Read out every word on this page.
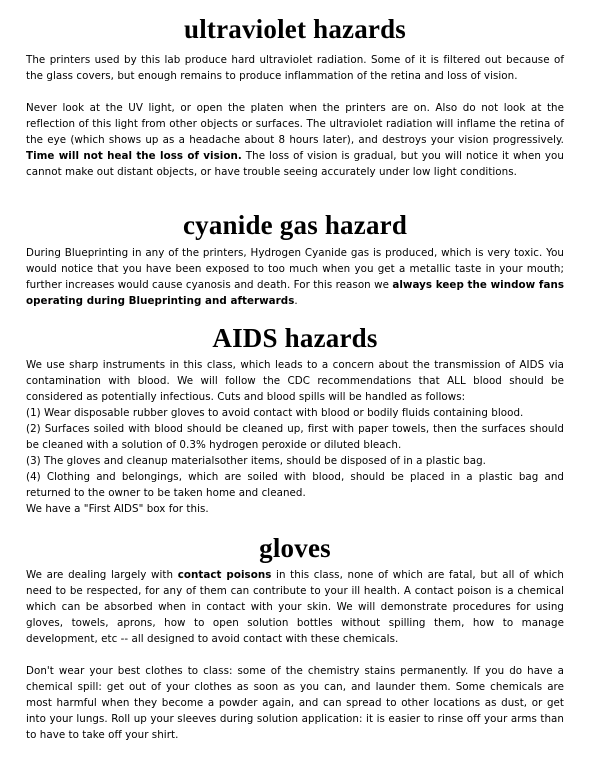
ultraviolet hazards

The printers used by this lab produce hard ultraviolet radiation. Some of it is filtered out because of the glass covers, but enough remains to produce inflammation of the retina and loss of vision.

Never look at the UV light, or open the platen when the printers are on. Also do not look at the reflection of this light from other objects or surfaces. The ultraviolet radiation will inflame the retina of the eye (which shows up as a headache about 8 hours later), and destroys your vision progressively. Time will not heal the loss of vision. The loss of vision is gradual, but you will notice it when you cannot make out distant objects, or have trouble seeing accurately under low light conditions.

cyanide gas hazard

During Blueprinting in any of the printers, Hydrogen Cyanide gas is produced, which is very toxic. You would notice that you have been exposed to too much when you get a metallic taste in your mouth; further increases would cause cyanosis and death. For this reason we always keep the window fans operating during Blueprinting and afterwards.

AIDS hazards

We use sharp instruments in this class, which leads to a concern about the transmission of AIDS via contamination with blood. We will follow the CDC recommendations that ALL blood should be considered as potentially infectious. Cuts and blood spills will be handled as follows:

(1) Wear disposable rubber gloves to avoid contact with blood or bodily fluids containing blood.

(2) Surfaces soiled with blood should be cleaned up, first with paper towels, then the surfaces should be cleaned with a solution of 0.3% hydrogen peroxide or diluted bleach.

(3) The gloves and cleanup materialsother items, should be disposed of in a plastic bag.

(4) Clothing and belongings, which are soiled with blood, should be placed in a plastic bag and returned to the owner to be taken home and cleaned.

We have a "First AIDS" box for this.

gloves

We are dealing largely with contact poisons in this class, none of which are fatal, but all of which need to be respected, for any of them can contribute to your ill health. A contact poison is a chemical which can be absorbed when in contact with your skin. We will demonstrate procedures for using gloves, towels, aprons, how to open solution bottles without spilling them, how to manage development, etc -- all designed to avoid contact with these chemicals.

Don't wear your best clothes to class: some of the chemistry stains permanently. If you do have a chemical spill: get out of your clothes as soon as you can, and launder them. Some chemicals are most harmful when they become a powder again, and can spread to other locations as dust, or get into your lungs. Roll up your sleeves during solution application: it is easier to rinse off your arms than to have to take off your shirt.
